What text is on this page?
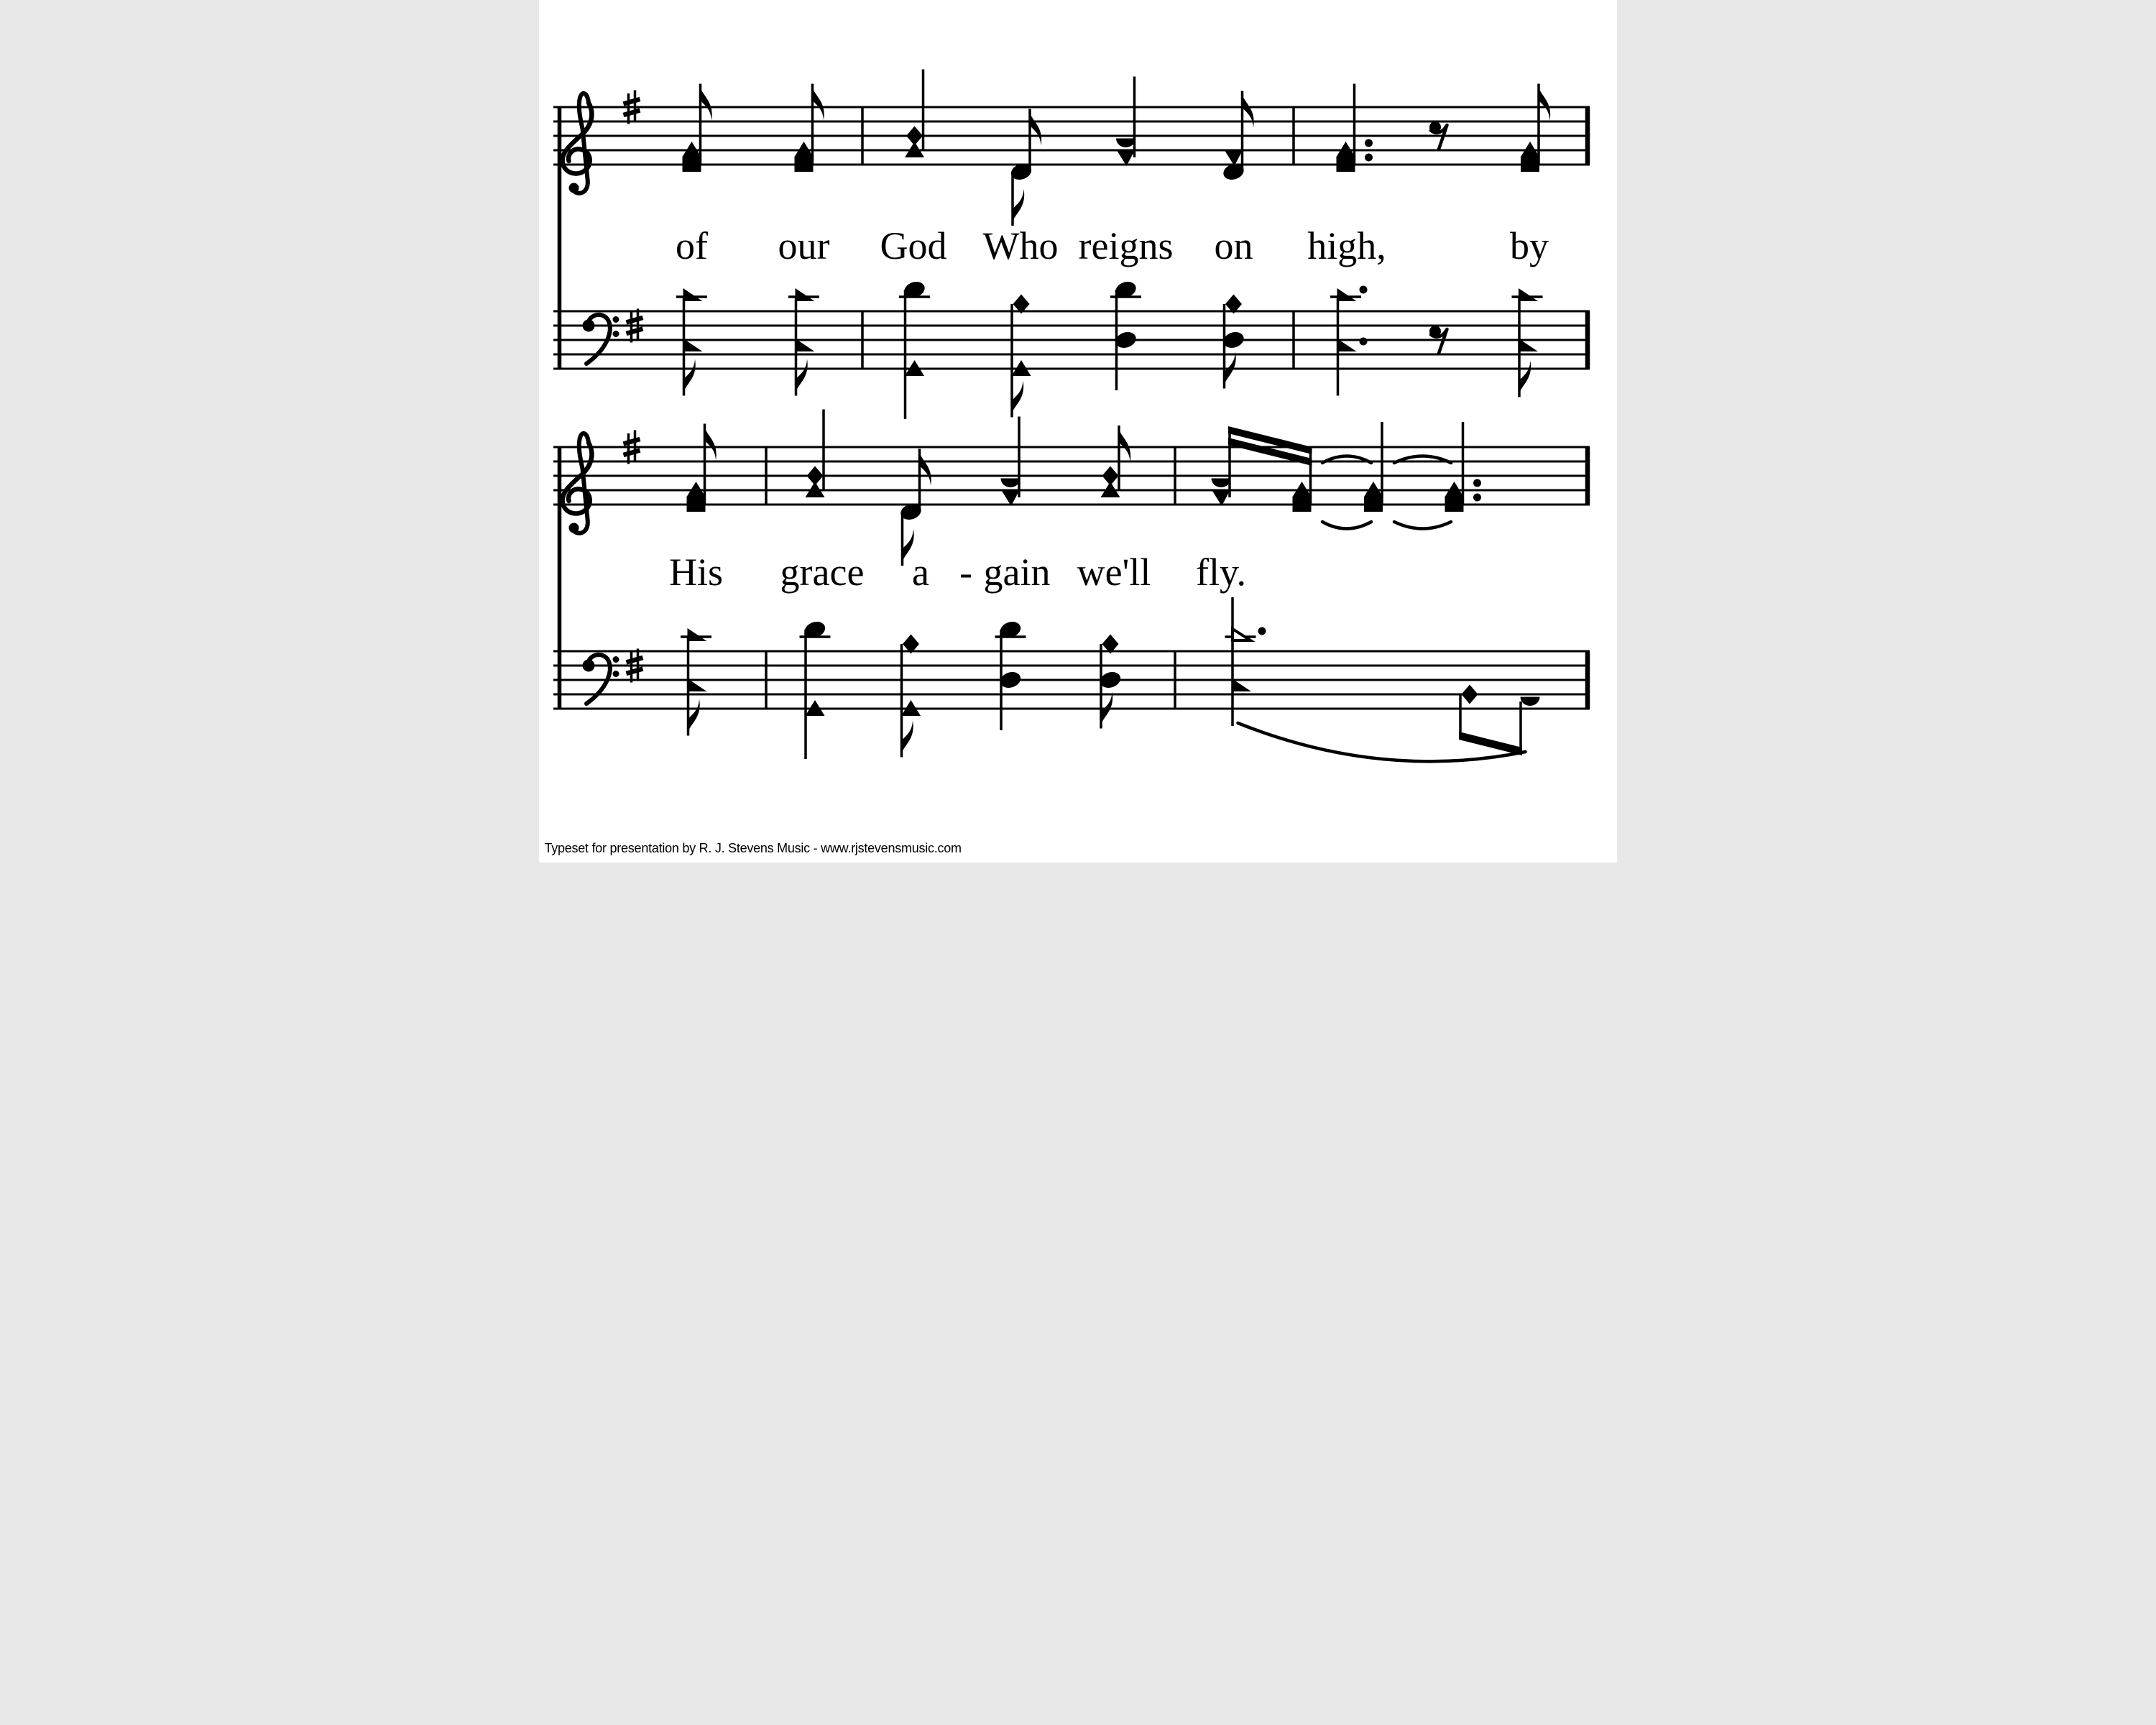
of our God Who reigns on high, by
His grace a - gain we'll fly.
Typeset for presentation by R. J. Stevens Music - www.rjstevensmusic.com
